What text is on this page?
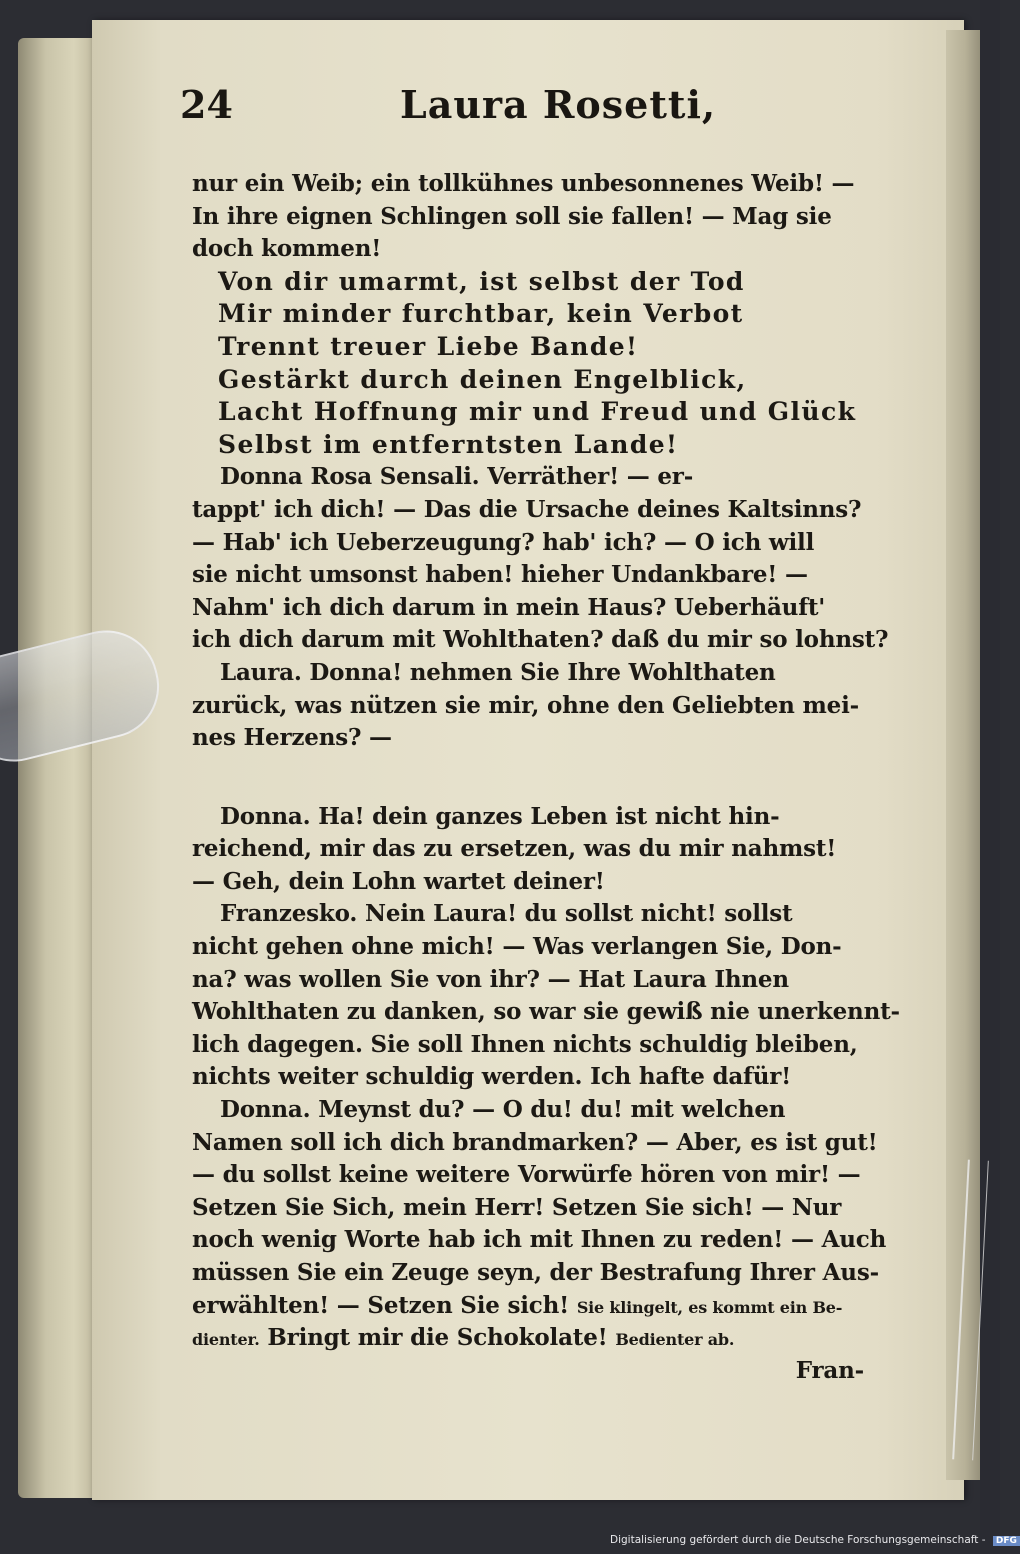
24	Laura Rosetti,
nur ein Weib; ein tollkühnes unbesonnenes Weib! —
In ihre eignen Schlingen soll sie fallen! — Mag sie
doch kommen!
Von dir umarmt, ist selbst der Tod
Mir minder furchtbar, kein Verbot
Trennt treuer Liebe Bande!
Gestärkt durch deinen Engelblick,
Lacht Hoffnung mir und Freud und Glück
Selbst im entferntsten Lande!
Donna Rosa Sensali. Verräther! — er-
tappt' ich dich! — Das die Ursache deines Kaltsinns?
— Hab' ich Ueberzeugung? hab' ich? — O ich will
sie nicht umsonst haben! hieher Undankbare! —
Nahm' ich dich darum in mein Haus? Ueberhäuft'
ich dich darum mit Wohlthaten? daß du mir so lohnst?
Laura. Donna! nehmen Sie Ihre Wohlthaten
zurück, was nützen sie mir, ohne den Geliebten mei-
nes Herzens? —
Donna. Ha! dein ganzes Leben ist nicht hin-
reichend, mir das zu ersetzen, was du mir nahmst!
— Geh, dein Lohn wartet deiner!
Franzesko. Nein Laura! du sollst nicht! sollst
nicht gehen ohne mich! — Was verlangen Sie, Don-
na? was wollen Sie von ihr? — Hat Laura Ihnen
Wohlthaten zu danken, so war sie gewiß nie unerkennt-
lich dagegen. Sie soll Ihnen nichts schuldig bleiben,
nichts weiter schuldig werden. Ich hafte dafür!
Donna. Meynst du? — O du! du! mit welchen
Namen soll ich dich brandmarken? — Aber, es ist gut!
— du sollst keine weitere Vorwürfe hören von mir! —
Setzen Sie Sich, mein Herr! Setzen Sie sich! — Nur
noch wenig Worte hab ich mit Ihnen zu reden! — Auch
müssen Sie ein Zeuge seyn, der Bestrafung Ihrer Aus-
erwählten! — Setzen Sie sich! Sie klingelt, es kommt ein Be-
dienter. Bringt mir die Schokolate! Bedienter ab.
Fran-
Digitalisierung gefördert durch die Deutsche Forschungsgemeinschaft - DFG
